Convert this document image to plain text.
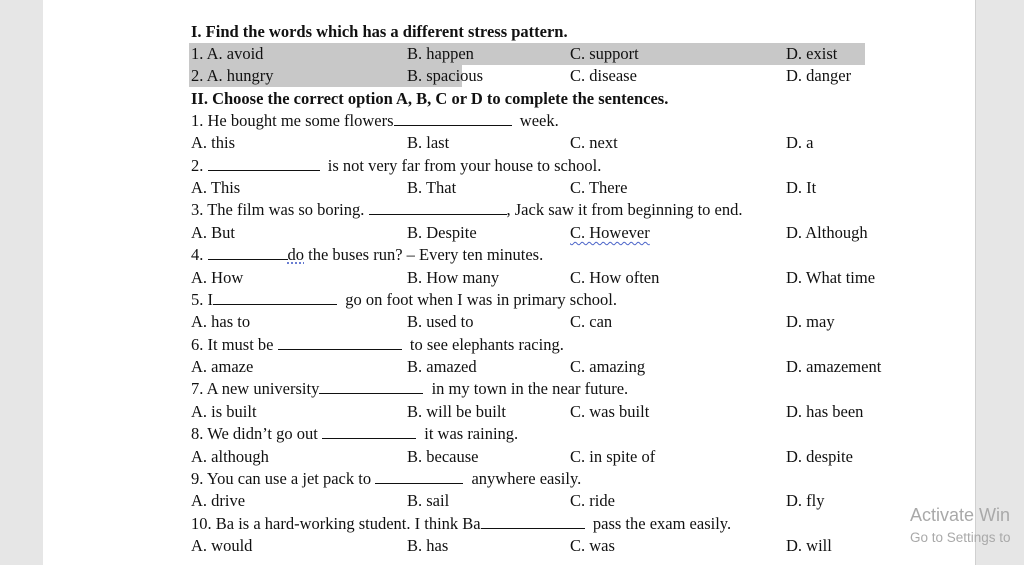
I. Find the words which has a different stress pattern.
1. A. avoid	B. happen	C. support	D. exist
2. A. hungry	B. spacious	C. disease	D. danger
II. Choose the correct option A, B, C or D to complete the sentences.
1. He bought me some flowers	week.
A. this	B. last	C. next	D. a
2.	is not very far from your house to school.
A. This	B. That	C. There	D. It
3. The film was so boring.	, Jack saw it from beginning to end.
A. But	B. Despite	C. However	D. Although
4.	do the buses run? – Every ten minutes.
A. How	B. How many	C. How often	D. What time
5. I	go on foot when I was in primary school.
A. has to	B. used to	C. can	D. may
6. It must be	to see elephants racing.
A. amaze	B. amazed	C. amazing	D. amazement
7. A new university	in my town in the near future.
A. is built	B. will be built	C. was built	D. has been
8. We didn’t go out	it was raining.
A. although	B. because	C. in spite of	D. despite
9. You can use a jet pack to	anywhere easily.
A. drive	B. sail	C. ride	D. fly
10. Ba is a hard-working student. I think Ba	pass the exam easily.
A. would	B. has	C. was	D. will
Activate Win
Go to Settings to
